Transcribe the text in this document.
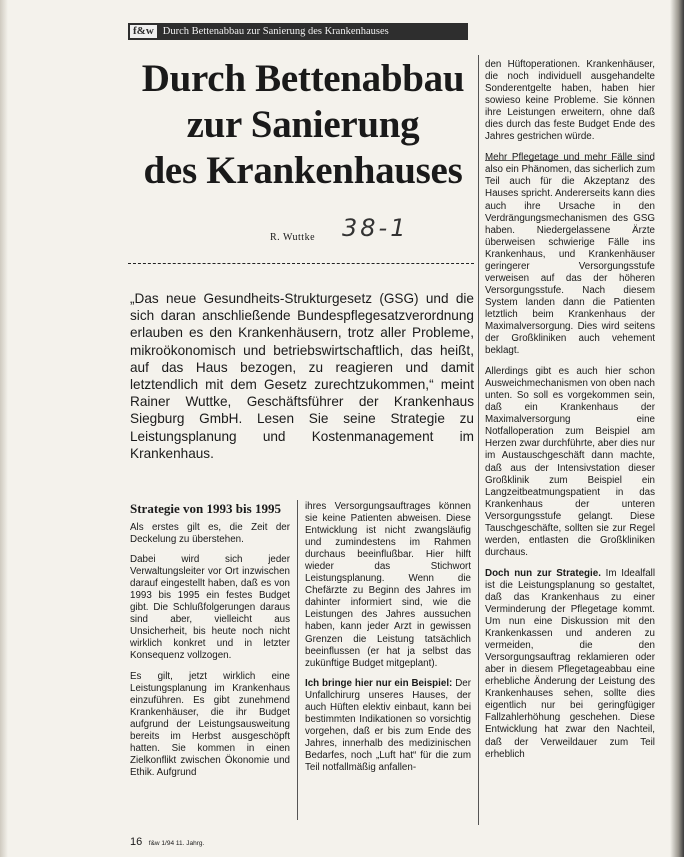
f&w Durch Bettenabbau zur Sanierung des Krankenhauses
Durch Bettenabbau
zur Sanierung
des Krankenhauses
R. Wuttke 38-1
„Das neue Gesundheits-Strukturgesetz (GSG) und die sich daran anschließende Bundespflegesatzverordnung erlauben es den Krankenhäusern, trotz aller Probleme, mikroökonomisch und betriebswirtschaftlich, das heißt, auf das Haus bezogen, zu reagieren und damit letztendlich mit dem Gesetz zurechtzukommen,“ meint Rainer Wuttke, Geschäftsführer der Krankenhaus Siegburg GmbH. Lesen Sie seine Strategie zu Leistungsplanung und Kostenmanagement im Krankenhaus.
Strategie von 1993 bis 1995

Als erstes gilt es, die Zeit der Deckelung zu überstehen.

Dabei wird sich jeder Verwaltungsleiter vor Ort inzwischen darauf eingestellt haben, daß es von 1993 bis 1995 ein festes Budget gibt. Die Schlußfolgerungen daraus sind aber, vielleicht aus Unsicherheit, bis heute noch nicht wirklich konkret und in letzter Konsequenz vollzogen.

Es gilt, jetzt wirklich eine Leistungsplanung im Krankenhaus einzuführen. Es gibt zunehmend Krankenhäuser, die ihr Budget aufgrund der Leistungsausweitung bereits im Herbst ausgeschöpft hatten. Sie kommen in einen Zielkonflikt zwischen Ökonomie und Ethik. Aufgrund

ihres Versorgungsauftrages können sie keine Patienten abweisen. Diese Entwicklung ist nicht zwangsläufig und zumindestens im Rahmen durchaus beeinflußbar. Hier hilft wieder das Stichwort Leistungsplanung. Wenn die Chefärzte zu Beginn des Jahres im dahinter informiert sind, wie die Leistungen des Jahres aussuchen haben, kann jeder Arzt in gewissen Grenzen die Leistung tatsächlich beeinflussen (er hat ja selbst das zukünftige Budget mitgeplant).

Ich bringe hier nur ein Beispiel: Der Unfallchirurg unseres Hauses, der auch Hüften elektiv einbaut, kann bei bestimmten Indikationen so vorsichtig vorgehen, daß er bis zum Ende des Jahres, innerhalb des medizinischen Bedarfes, noch „Luft hat“ für die zum Teil notfallmäßig anfallen-

den Hüftoperationen. Krankenhäuser, die noch individuell ausgehandelte Sonderentgelte haben, haben hier sowieso keine Probleme. Sie können ihre Leistungen erweitern, ohne daß dies durch das feste Budget Ende des Jahres gestrichen würde.

Mehr Pflegetage und mehr Fälle sind also ein Phänomen, das sicherlich zum Teil auch für die Akzeptanz des Hauses spricht. Andererseits kann dies auch ihre Ursache in den Verdrängungsmechanismen des GSG haben. Niedergelassene Ärzte überweisen schwierige Fälle ins Krankenhaus, und Krankenhäuser geringerer Versorgungsstufe verweisen auf das der höheren Versorgungsstufe. Nach diesem System landen dann die Patienten letztlich beim Krankenhaus der Maximalversorgung. Dies wird seitens der Großkliniken auch vehement beklagt.

Allerdings gibt es auch hier schon Ausweichmechanismen von oben nach unten. So soll es vorgekommen sein, daß ein Krankenhaus der Maximalversorgung eine Notfalloperation zum Beispiel am Herzen zwar durchführte, aber dies nur im Austauschgeschäft dann machte, daß aus der Intensivstation dieser Großklinik zum Beispiel ein Langzeitbeatmungspatient in das Krankenhaus der unteren Versorgungsstufe gelangt. Diese Tauschgeschäfte, sollten sie zur Regel werden, entlasten die Großkliniken durchaus.

Doch nun zur Strategie. Im Idealfall ist die Leistungsplanung so gestaltet, daß das Krankenhaus zu einer Verminderung der Pflegetage kommt. Um nun eine Diskussion mit den Krankenkassen und anderen zu vermeiden, die den Versorgungsauftrag reklamieren oder aber in diesem Pflegetageabbau eine erhebliche Änderung der Leistung des Krankenhauses sehen, sollte dies eigentlich nur bei geringfügiger Fallzahlerhöhung geschehen. Diese Entwicklung hat zwar den Nachteil, daß der Verweildauer zum Teil erheblich

16 f&w 1/94 11. Jahrg.
